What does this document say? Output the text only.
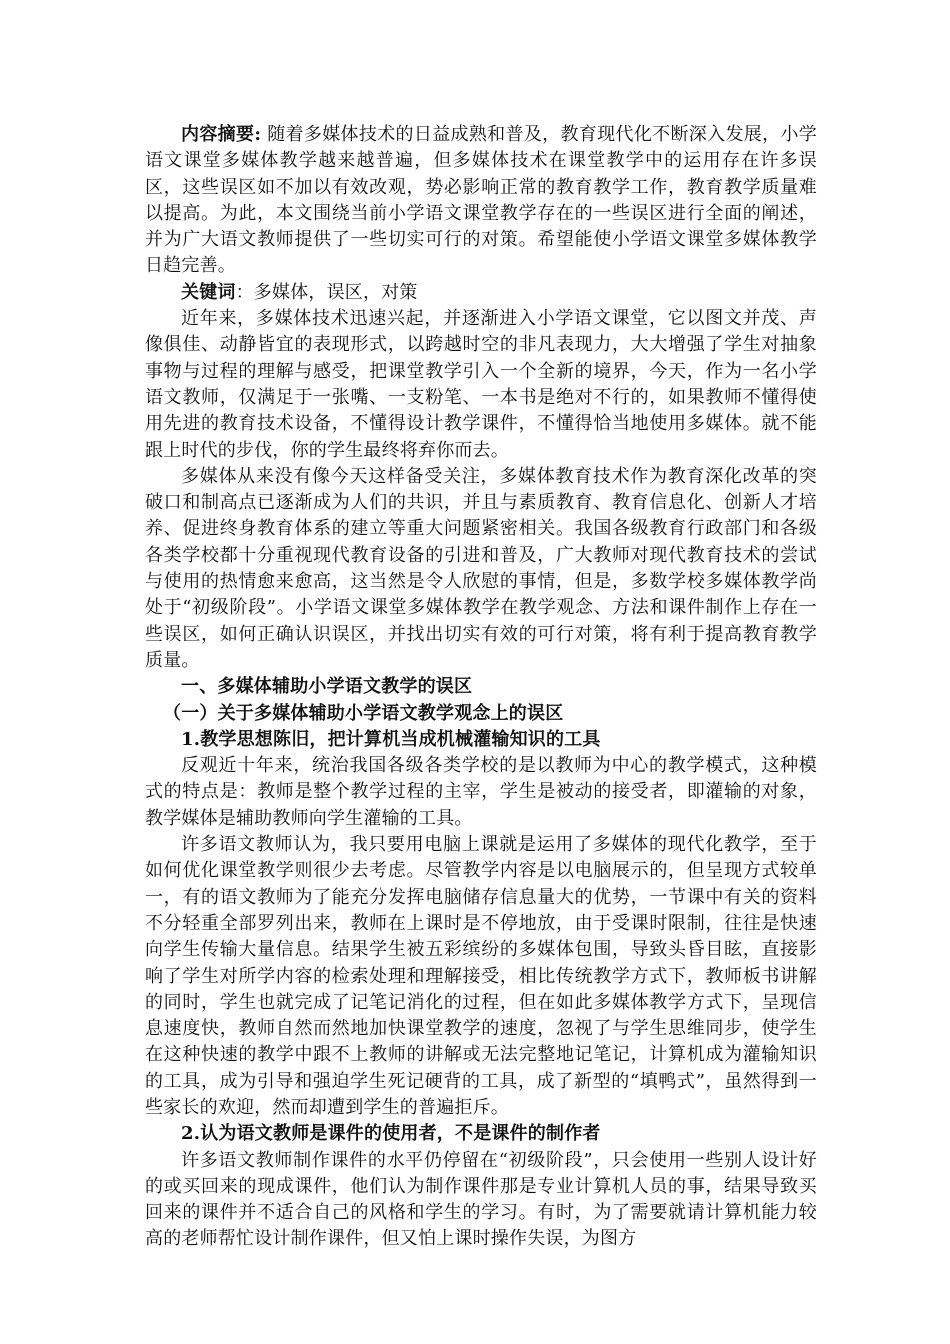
内容摘要: 随着多媒体技术的日益成熟和普及，教育现代化不断深入发展，小学语文课堂多媒体教学越来越普遍，但多媒体技术在课堂教学中的运用存在许多误区，这些误区如不加以有效改观，势必影响正常的教育教学工作，教育教学质量难以提高。为此，本文围绕当前小学语文课堂教学存在的一些误区进行全面的阐述，并为广大语文教师提供了一些切实可行的对策。希望能使小学语文课堂多媒体教学日趋完善。

关键词：多媒体，误区，对策

近年来，多媒体技术迅速兴起，并逐渐进入小学语文课堂，它以图文并茂、声像俱佳、动静皆宜的表现形式，以跨越时空的非凡表现力，大大增强了学生对抽象事物与过程的理解与感受，把课堂教学引入一个全新的境界，今天，作为一名小学语文教师，仅满足于一张嘴、一支粉笔、一本书是绝对不行的，如果教师不懂得使用先进的教育技术设备，不懂得设计教学课件，不懂得恰当地使用多媒体。就不能跟上时代的步伐，你的学生最终将弃你而去。

多媒体从来没有像今天这样备受关注，多媒体教育技术作为教育深化改革的突破口和制高点已逐渐成为人们的共识，并且与素质教育、教育信息化、创新人才培养、促进终身教育体系的建立等重大问题紧密相关。我国各级教育行政部门和各级各类学校都十分重视现代教育设备的引进和普及，广大教师对现代教育技术的尝试与使用的热情愈来愈高，这当然是令人欣慰的事情，但是，多数学校多媒体教学尚处于“初级阶段”。小学语文课堂多媒体教学在教学观念、方法和课件制作上存在一些误区，如何正确认识误区，并找出切实有效的可行对策，将有利于提高教育教学质量。

一、多媒体辅助小学语文教学的误区

（一）关于多媒体辅助小学语文教学观念上的误区

1.教学思想陈旧，把计算机当成机械灌输知识的工具

反观近十年来，统治我国各级各类学校的是以教师为中心的教学模式，这种模式的特点是：教师是整个教学过程的主宰，学生是被动的接受者，即灌输的对象，教学媒体是辅助教师向学生灌输的工具。

许多语文教师认为，我只要用电脑上课就是运用了多媒体的现代化教学，至于如何优化课堂教学则很少去考虑。尽管教学内容是以电脑展示的，但呈现方式较单一，有的语文教师为了能充分发挥电脑储存信息量大的优势，一节课中有关的资料不分轻重全部罗列出来，教师在上课时是不停地放，由于受课时限制，往往是快速向学生传输大量信息。结果学生被五彩缤纷的多媒体包围，导致头昏目眩，直接影响了学生对所学内容的检索处理和理解接受，相比传统教学方式下，教师板书讲解的同时，学生也就完成了记笔记消化的过程，但在如此多媒体教学方式下，呈现信息速度快，教师自然而然地加快课堂教学的速度，忽视了与学生思维同步，使学生在这种快速的教学中跟不上教师的讲解或无法完整地记笔记，计算机成为灌输知识的工具，成为引导和强迫学生死记硬背的工具，成了新型的“填鸭式”，虽然得到一些家长的欢迎，然而却遭到学生的普遍拒斥。

2.认为语文教师是课件的使用者，不是课件的制作者

许多语文教师制作课件的水平仍停留在“初级阶段”，只会使用一些别人设计好的或买回来的现成课件，他们认为制作课件那是专业计算机人员的事，结果导致买回来的课件并不适合自己的风格和学生的学习。有时，为了需要就请计算机能力较高的老师帮忙设计制作课件，但又怕上课时操作失误，为图方
